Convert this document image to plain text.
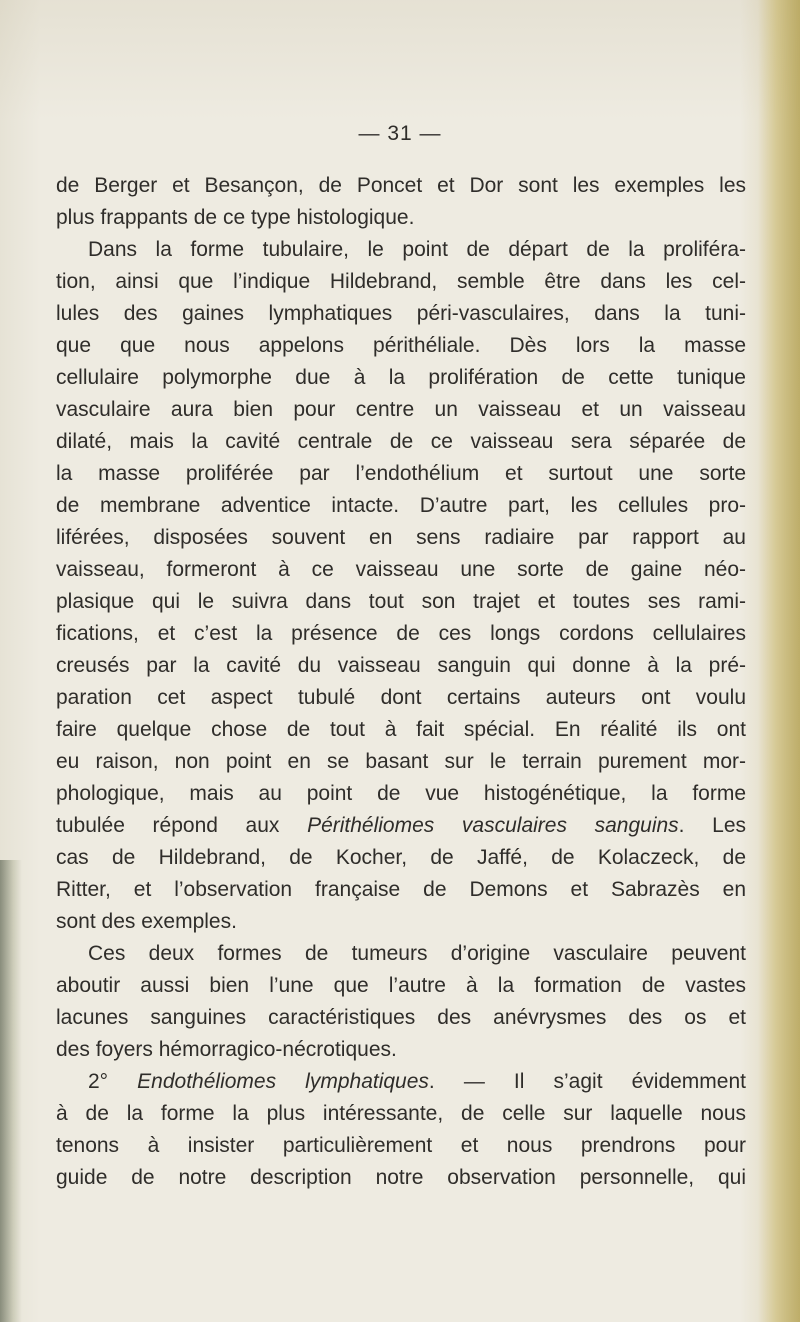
— 31 —
de Berger et Besançon, de Poncet et Dor sont les exemples les
plus frappants de ce type histologique.
Dans la forme tubulaire, le point de départ de la proliféra-
tion, ainsi que l’indique Hildebrand, semble être dans les cel-
lules des gaines lymphatiques péri-vasculaires, dans la tuni-
que que nous appelons périthéliale. Dès lors la masse
cellulaire polymorphe due à la prolifération de cette tunique
vasculaire aura bien pour centre un vaisseau et un vaisseau
dilaté, mais la cavité centrale de ce vaisseau sera séparée de
la masse proliférée par l’endothélium et surtout une sorte
de membrane adventice intacte. D’autre part, les cellules pro-
liférées, disposées souvent en sens radiaire par rapport au
vaisseau, formeront à ce vaisseau une sorte de gaine néo-
plasique qui le suivra dans tout son trajet et toutes ses rami-
fications, et c’est la présence de ces longs cordons cellulaires
creusés par la cavité du vaisseau sanguin qui donne à la pré-
paration cet aspect tubulé dont certains auteurs ont voulu
faire quelque chose de tout à fait spécial. En réalité ils ont
eu raison, non point en se basant sur le terrain purement mor-
phologique, mais au point de vue histogénétique, la forme
tubulée répond aux Périthéliomes vasculaires sanguins. Les
cas de Hildebrand, de Kocher, de Jaffé, de Kolaczeck, de
Ritter, et l’observation française de Demons et Sabrazès en
sont des exemples.
Ces deux formes de tumeurs d’origine vasculaire peuvent
aboutir aussi bien l’une que l’autre à la formation de vastes
lacunes sanguines caractéristiques des anévrysmes des os et
des foyers hémorragico-nécrotiques.
2° Endothéliomes lymphatiques. — Il s’agit évidemment
à de la forme la plus intéressante, de celle sur laquelle nous
tenons à insister particulièrement et nous prendrons pour
guide de notre description notre observation personnelle, qui
